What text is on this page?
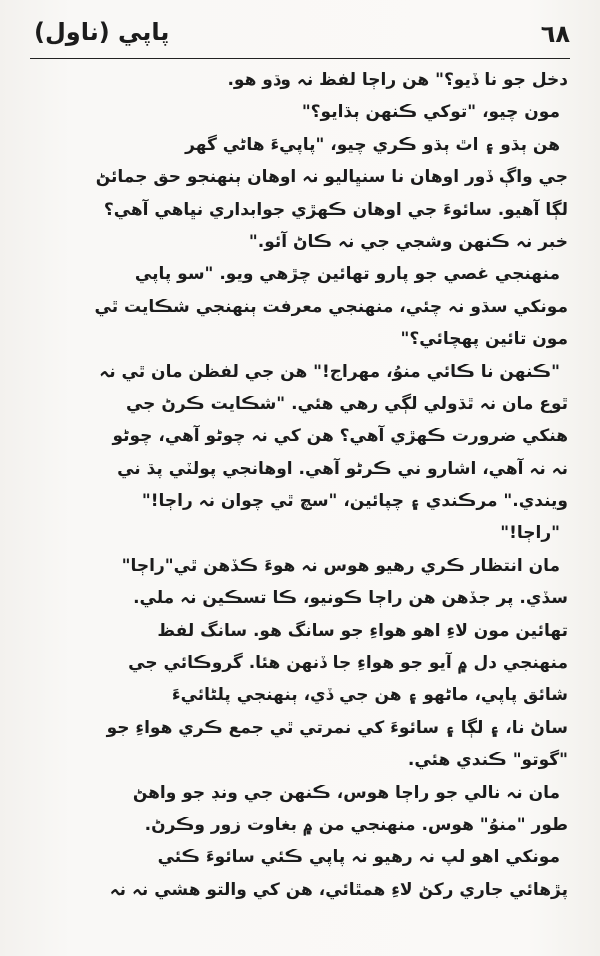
٦٨
پاپي (ناول)
دخل جو نا ڏيو؟" هن راڄا لفظ نہ وڌو هو.
مون چيو، "توکي ڪنهن ٻڌايو؟"
هن ٻڌو ۽ اٿ ٻڌو ڪري چيو، "پاپيءَ هاڻي گهر
جي واڳ ڏور اوهان نا سنڀاليو نہ اوهان ٻنهنجو حق جمائڻ
لڳا آهيو. سائوءَ جي اوهان ڪهڙي جوابداري نڀاهي آهي؟
خبر نہ ڪنهن وشجي جي نہ ڪاڻ آئو."
منهنجي غصي جو پارو تهائين چڙهي ويو. "سو پاپي
مونکي سڌو نہ چئي، منهنجي معرفت ٻنهنجي شڪايت ٿي
مون تائين پهچائي؟"
"ڪنهن نا ڪائي منوُ، مهراج!" هن جي لفظن مان ٿي نہ
ٿوع مان نہ ٿڌولي لڳي رهي هئي. "شڪايت ڪرڻ جي
هنکي ضرورت ڪهڙي آهي؟ هن کي نہ چوڻو آهي، چوڻو
نہ نہ آهي، اشارو ني ڪرڻو آهي. اوهانجي پولٽي پڌ ني
ويندي." مرڪندي ۽ چپائين، "سچ ٿي چوان نہ راڄا!"
"راڄا!"
مان انتظار ڪري رهيو هوس نہ هوءَ ڪڏهن ٿي"راڄا"
سڏي. پر جڏهن هن راڄا ڪونيو، ڪا تسڪين نہ ملي.
تهائين مون لاءِ اهو هواءِ جو سانگ هو. سانگ لفظ
منهنجي دل ۾ آيو جو هواءِ جا ڏنهن هئا. گروڪائي جي
شائق پاپي، ماڻهو ۽ هن جي ڏي، ٻنهنجي پلڻائيءَ
ساڻ نا، ۽ لڳا ۽ سائوءَ کي نمرتي ٿي جمع ڪري هواءِ جو
"گوتو" ڪندي هئي.
مان نہ نالي جو راڄا هوس، ڪنهن جي ونڊ جو واهڻ
طور "منوُ" هوس. منهنجي من ۾ بغاوت زور وڪرڻ.
مونکي اهو لپ نہ رهيو نہ پاپي ڪئي سائوءَ ڪئي
پڙهائي جاري رکڻ لاءِ همٿائي، هن کي والتو هشي نہ نہ
